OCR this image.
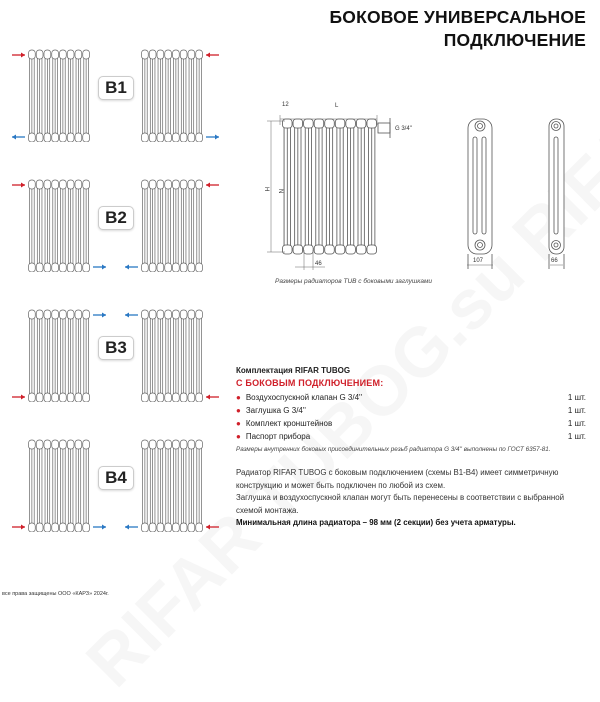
БОКОВОЕ УНИВЕРСАЛЬНОЕ
ПОДКЛЮЧЕНИЕ
B1
B2
B3
B4
12	L
G 3/4''
H N
46	107	66
Размеры радиаторов TUB с боковыми заглушками
Комплектация RIFAR TUBOG
С БОКОВЫМ ПОДКЛЮЧЕНИЕМ:
● Воздухоспускной клапан G 3/4''	1 шт.
● Заглушка G 3/4''	1 шт.
● Комплект кронштейнов	1 шт.
● Паспорт прибора	1 шт.
Размеры внутренних боковых присоединительных резьб радиатора G 3/4'' выполнены по ГОСТ 6357-81.

Радиатор RIFAR TUBOG с боковым подключением (схемы В1-В4) имеет симметричную конструкцию и может быть подключен по любой из схем.

Заглушка и воздухоспускной клапан могут быть перенесены в соответствии с выбранной схемой монтажа.

Минимальная длина радиатора – 98 мм (2 секции) без учета арматуры.

все права защищены ООО «КАРЗ» 2024г.
